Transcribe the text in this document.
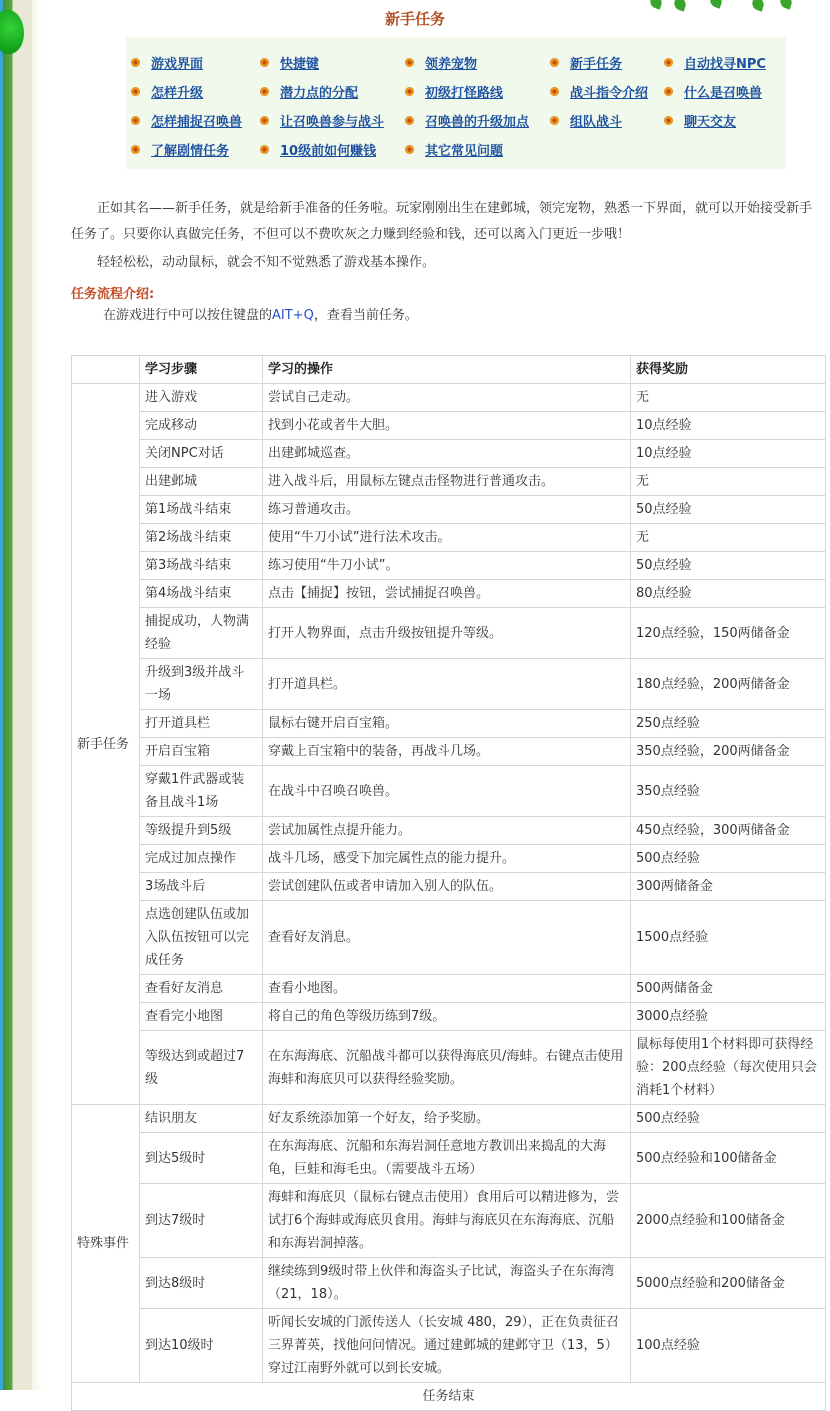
新手任务
游戏界面	快捷键	领养宠物	新手任务	自动找寻NPC
怎样升级	潜力点的分配	初级打怪路线	战斗指令介绍	什么是召唤兽
怎样捕捉召唤兽	让召唤兽参与战斗	召唤兽的升级加点	组队战斗	聊天交友
了解剧情任务	10级前如何赚钱	其它常见问题
正如其名——新手任务，就是给新手准备的任务啦。玩家刚刚出生在建邺城，领完宠物，熟悉一下界面，就可以开始接受新手任务了。只要你认真做完任务，不但可以不费吹灰之力赚到经验和钱，还可以离入门更近一步哦！
轻轻松松，动动鼠标，就会不知不觉熟悉了游戏基本操作。
任务流程介绍:
在游戏进行中可以按住键盘的AIT+Q，查看当前任务。
	学习步骤	学习的操作	获得奖励
新手任务	进入游戏	尝试自己走动。	无
	完成移动	找到小花或者牛大胆。	10点经验
	关闭NPC对话	出建邺城巡查。	10点经验
	出建邺城	进入战斗后，用鼠标左键点击怪物进行普通攻击。	无
	第1场战斗结束	练习普通攻击。	50点经验
	第2场战斗结束	使用“牛刀小试”进行法术攻击。	无
	第3场战斗结束	练习使用“牛刀小试”。	50点经验
	第4场战斗结束	点击【捕捉】按钮，尝试捕捉召唤兽。	80点经验
	捕捉成功，人物满经验	打开人物界面，点击升级按钮提升等级。	120点经验，150两储备金
	升级到3级并战斗一场	打开道具栏。	180点经验，200两储备金
	打开道具栏	鼠标右键开启百宝箱。	250点经验
	开启百宝箱	穿戴上百宝箱中的装备，再战斗几场。	350点经验，200两储备金
	穿戴1件武器或装备且战斗1场	在战斗中召唤召唤兽。	350点经验
	等级提升到5级	尝试加属性点提升能力。	450点经验，300两储备金
	完成过加点操作	战斗几场，感受下加完属性点的能力提升。	500点经验
	3场战斗后	尝试创建队伍或者申请加入别人的队伍。	300两储备金
	点选创建队伍或加入队伍按钮可以完成任务	查看好友消息。	1500点经验
	查看好友消息	查看小地图。	500两储备金
	查看完小地图	将自己的角色等级历练到7级。	3000点经验
	等级达到或超过7级	在东海海底、沉船战斗都可以获得海底贝/海蚌。右键点击使用海蚌和海底贝可以获得经验奖励。	鼠标每使用1个材料即可获得经验：200点经验（每次使用只会消耗1个材料）
特殊事件	结识朋友	好友系统添加第一个好友，给予奖励。	500点经验
	到达5级时	在东海海底、沉船和东海岩洞任意地方教训出来捣乱的大海龟，巨蛙和海毛虫。（需要战斗五场）	500点经验和100储备金
	到达7级时	海蚌和海底贝（鼠标右键点击使用）食用后可以精进修为，尝试打6个海蚌或海底贝食用。海蚌与海底贝在东海海底、沉船和东海岩洞掉落。	2000点经验和100储备金
	到达8级时	继续练到9级时带上伙伴和海盗头子比试，海盗头子在东海湾（21，18）。	5000点经验和200储备金
	到达10级时	听闻长安城的门派传送人（长安城 480，29），正在负责征召三界菁英，找他问问情况。通过建邺城的建邺守卫（13，5）穿过江南野外就可以到长安城。	100点经验
任务结束			
